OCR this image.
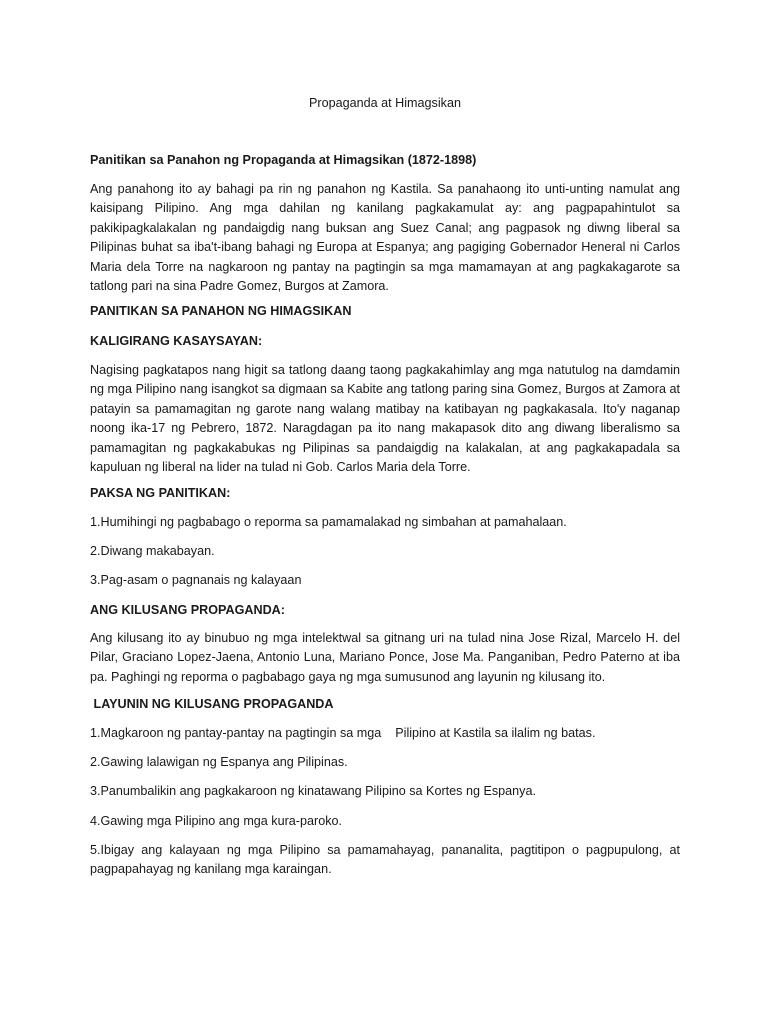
Propaganda at Himagsikan
Panitikan sa Panahon ng Propaganda at Himagsikan (1872-1898)

Ang panahong ito ay bahagi pa rin ng panahon ng Kastila. Sa panahaong ito unti-unting namulat ang kaisipang Pilipino. Ang mga dahilan ng kanilang pagkakamulat ay: ang pagpapahintulot sa pakikipagkalakalan ng pandaigdig nang buksan ang Suez Canal; ang pagpasok ng diwng liberal sa Pilipinas buhat sa iba't-ibang bahagi ng Europa at Espanya; ang pagiging Gobernador Heneral ni Carlos Maria dela Torre na nagkaroon ng pantay na pagtingin sa mga mamamayan at ang pagkakagarote sa tatlong pari na sina Padre Gomez, Burgos at Zamora.

PANITIKAN SA PANAHON NG HIMAGSIKAN
KALIGIRANG KASAYSAYAN:

Nagising pagkatapos nang higit sa tatlong daang taong pagkakahimlay ang mga natutulog na damdamin ng mga Pilipino nang isangkot sa digmaan sa Kabite ang tatlong paring sina Gomez, Burgos at Zamora at patayin sa pamamagitan ng garote nang walang matibay na katibayan ng pagkakasala. Ito'y naganap noong ika-17 ng Pebrero, 1872. Naragdagan pa ito nang makapasok dito ang diwang liberalismo sa pamamagitan ng pagkakabukas ng Pilipinas sa pandaigdig na kalakalan, at ang pagkakapadala sa kapuluan ng liberal na lider na tulad ni Gob. Carlos Maria dela Torre.

PAKSA NG PANITIKAN:
1.Humihingi ng pagbabago o reporma sa pamamalakad ng simbahan at pamahalaan.
2.Diwang makabayan.
3.Pag-asam o pagnanais ng kalayaan
ANG KILUSANG PROPAGANDA:

Ang kilusang ito ay binubuo ng mga intelektwal sa gitnang uri na tulad nina Jose Rizal, Marcelo H. del Pilar, Graciano Lopez-Jaena, Antonio Luna, Mariano Ponce, Jose Ma. Panganiban, Pedro Paterno at iba pa. Paghingi ng reporma o pagbabago gaya ng mga sumusunod ang layunin ng kilusang ito.

LAYUNIN NG KILUSANG PROPAGANDA
1.Magkaroon ng pantay-pantay na pagtingin sa mga    Pilipino at Kastila sa ilalim ng batas.
2.Gawing lalawigan ng Espanya ang Pilipinas.
3.Panumbalikin ang pagkakaroon ng kinatawang Pilipino sa Kortes ng Espanya.
4.Gawing mga Pilipino ang mga kura-paroko.

5.Ibigay ang kalayaan ng mga Pilipino sa pamamahayag, pananalita, pagtitipon o pagpupulong, at pagpapahayag ng kanilang mga karaingan.
